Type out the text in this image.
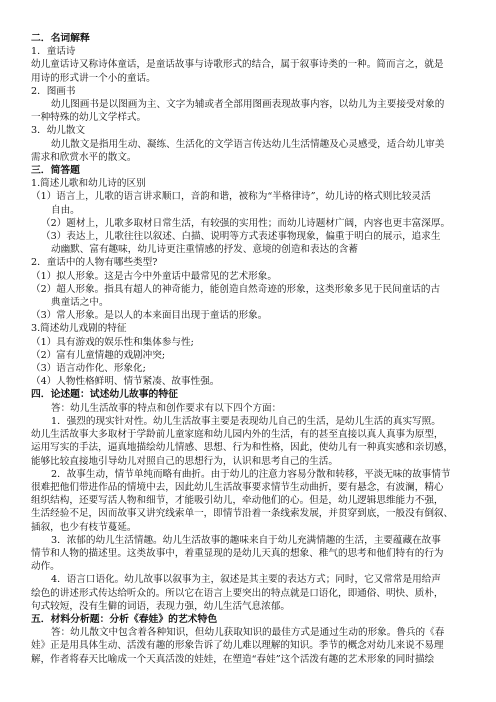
二．名词解释
1．童话诗
幼儿童话诗又称诗体童话，是童话故事与诗歌形式的结合，属于叙事诗类的一种。简而言之，就是
用诗的形式讲一个小的童话。
2．图画书
幼儿图画书是以图画为主、文字为辅或者全部用图画表现故事内容，以幼儿为主要接受对象的
一种特殊的幼儿文学样式。
3．幼儿散文
幼儿散文是指用生动、凝练、生活化的文学语言传达幼儿生活情趣及心灵感受，适合幼儿审美
需求和欣赏水平的散文。
三．简答题
1.简述儿歌和幼儿诗的区别
（1）语言上，儿歌的语言讲求顺口，音韵和谐，被称为“半格律诗”，幼儿诗的格式则比较灵活
自由。
（2）题材上，儿歌多取材日常生活，有较强的实用性；而幼儿诗题材广阔，内容也更丰富深厚。
（3）表达上，儿歌往往以叙述、白描、说明等方式表述事物现象，偏重于明白的展示，追求生
动幽默、富有趣味，幼儿诗更注重情感的抒发、意境的创造和表达的含蓄
2．童话中的人物有哪些类型?
（1）拟人形象。这是古今中外童话中最常见的艺术形象。
（2）超人形象。指具有超人的神奇能力，能创造自然奇迹的形象，这类形象多见于民间童话的古
典童话之中。
（3）常人形象。是以人的本来面目出现于童话的形象。
3.简述幼儿戏剧的特征
（1）具有游戏的娱乐性和集体参与性;
（2）富有儿童情趣的戏剧冲突;
（3）语言动作化、形象化;
（4）人物性格鲜明、情节紧凑、故事性强。
四．论述题：试述幼儿故事的特征
答：幼儿生活故事的特点和创作要求有以下四个方面：
1．强烈的现实针对性。幼儿生活故事主要是表现幼儿自己的生活，是幼儿生活的真实写照。
幼儿生活故事大多取材于学龄前儿童家庭和幼儿园内外的生活，有的甚至直接以真人真事为原型，
运用写实的手法，逼真地描绘幼儿情感、思想、行为和性格，因此，使幼儿有一种真实感和亲切感，
能够比较直接地引导幼儿对照自己的思想行为，认识和思考自己的生活。
2．故事生动，情节单纯而略有曲折。由于幼儿的注意力容易分散和转移，平淡无味的故事情节
很难把他们带进作品的情境中去，因此幼儿生活故事要求情节生动曲折，要有悬念，有波澜，精心
组织结构，还要写活人物和细节，才能吸引幼儿，牵动他们的心。但是，幼儿逻辑思维能力不强，
生活经验不足，因而故事又讲究线索单一，即情节沿着一条线索发展，并贯穿到底，一般没有倒叙、
插叙，也少有枝节蔓延。
3．浓郁的幼儿生活情趣。幼儿生活故事的趣味来自于幼儿充满情趣的生活，主要蕴藏在故事
情节和人物的描述里。这类故事中，着重显现的是幼儿天真的想象、稚气的思考和他们特有的行为
动作。
4．语言口语化。幼儿故事以叙事为主，叙述是其主要的表达方式；同时，它又常常是用给声
绘色的讲述形式传达给听众的。所以它在语言上要突出的特点就是口语化，即通俗、明快、质朴，
句式较短，没有生僻的词语，表现力强，幼儿生活气息浓郁。
五．材料分析题：分析《春娃》的艺术特色
答：幼儿散文中包含着各种知识，但幼儿获取知识的最佳方式是通过生动的形象。鲁兵的《春
娃》正是用具体生动、活泼有趣的形象告诉了幼儿难以理解的知识。季节的概念对幼儿来说不易理
解，作者将春天比喻成一个天真活泼的娃娃，在塑造“春娃”这个活泼有趣的艺术形象的同时描绘
